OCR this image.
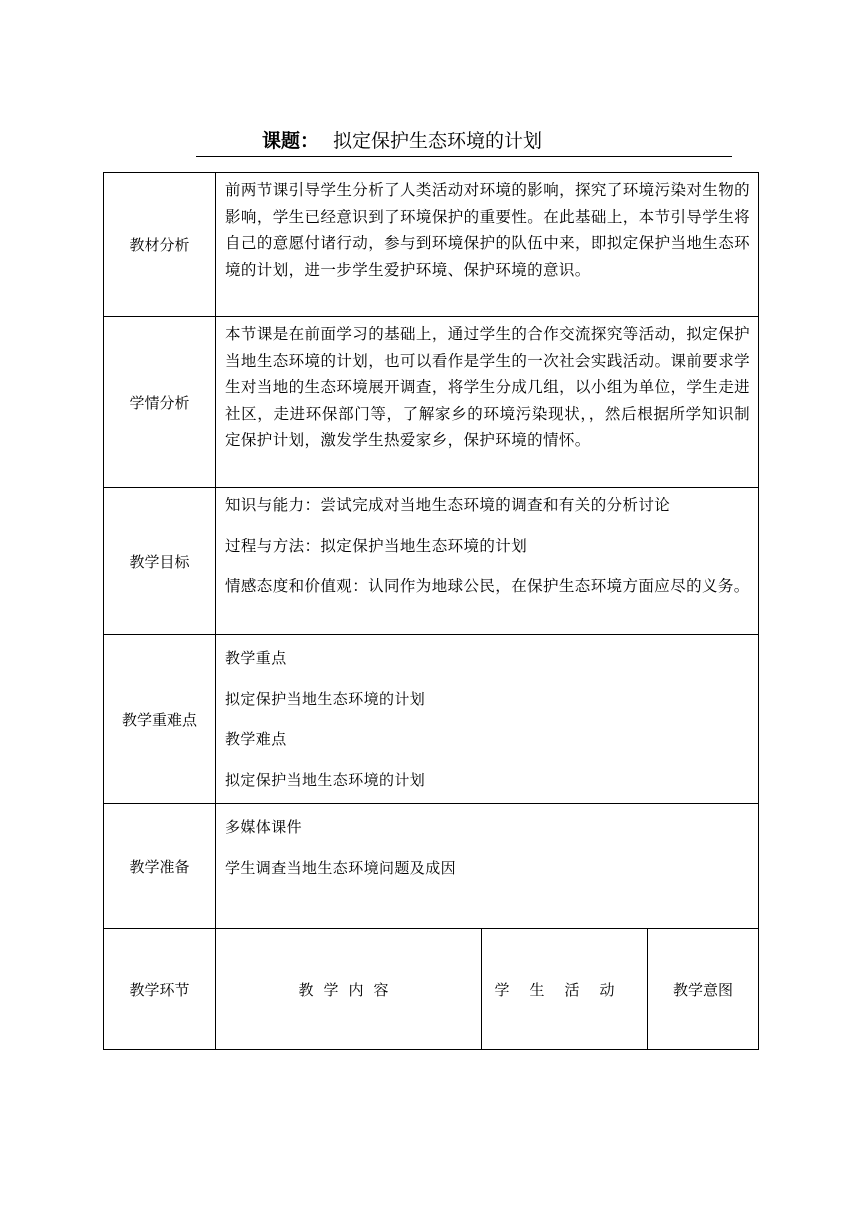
课题： 拟定保护生态环境的计划
教材分析	前两节课引导学生分析了人类活动对环境的影响，探究了环境污染对生物的影响，学生已经意识到了环境保护的重要性。在此基础上，本节引导学生将自己的意愿付诸行动，参与到环境保护的队伍中来，即拟定保护当地生态环境的计划，进一步学生爱护环境、保护环境的意识。		

学情分析	本节课是在前面学习的基础上，通过学生的合作交流探究等活动，拟定保护当地生态环境的计划，也可以看作是学生的一次社会实践活动。课前要求学生对当地的生态环境展开调查，将学生分成几组，以小组为单位，学生走进社区，走进环保部门等，了解家乡的环境污染现状，，然后根据所学知识制定保护计划，激发学生热爱家乡，保护环境的情怀。		

教学目标	知识与能力：尝试完成对当地生态环境的调查和有关的分析讨论

过程与方法：拟定保护当地生态环境的计划

情感态度和价值观：认同作为地球公民，在保护生态环境方面应尽的义务。		

教学重难点	教学重点

拟定保护当地生态环境的计划

教学难点

拟定保护当地生态环境的计划		

教学准备	多媒体课件

学生调查当地生态环境问题及成因		

教学环节	教学内容	学生活动	教学意图
